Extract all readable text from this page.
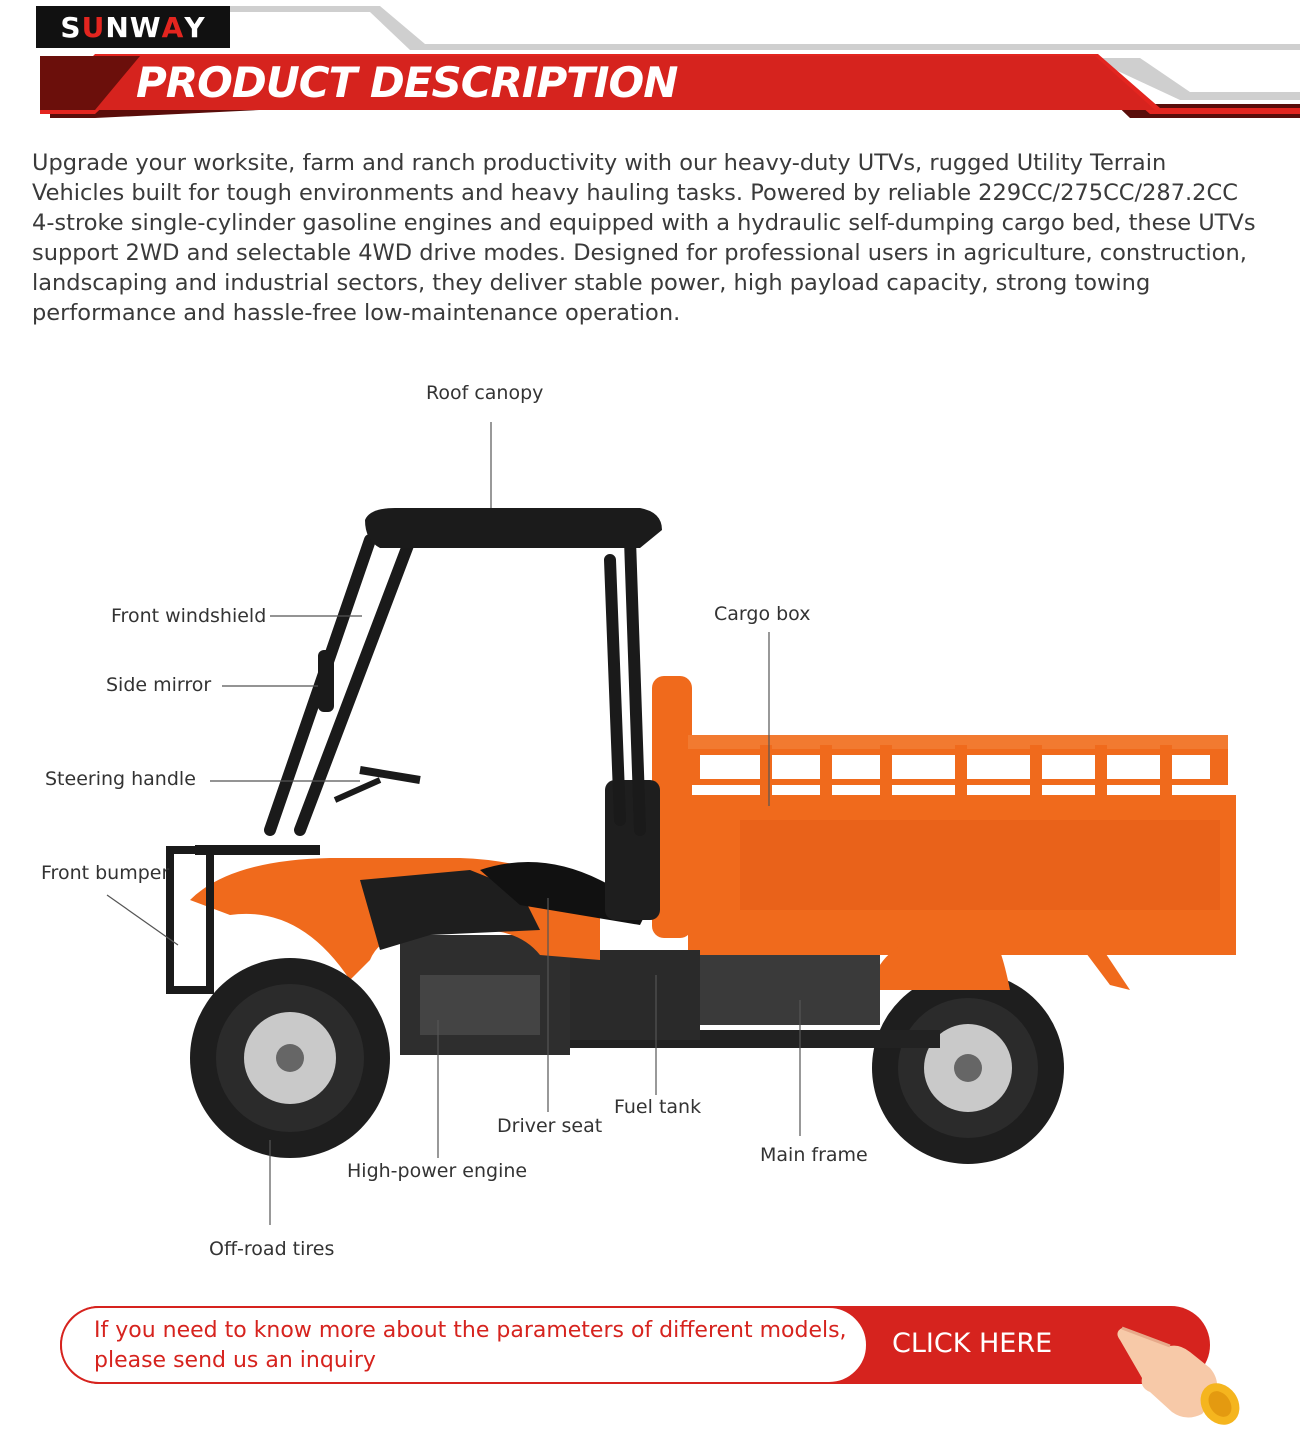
S U NW A Y
PRODUCT DESCRIPTION

Upgrade your worksite, farm and ranch productivity with our heavy-duty UTVs, rugged Utility Terrain Vehicles built for tough environments and heavy hauling tasks. Powered by reliable 229CC/275CC/287.2CC 4-stroke single-cylinder gasoline engines and equipped with a hydraulic self-dumping cargo bed, these UTVs support 2WD and selectable 4WD drive modes. Designed for professional users in agriculture, construction, landscaping and industrial sectors, they deliver stable power, high payload capacity, strong towing performance and hassle-free low-maintenance operation.

Roof canopy
Front windshield
Side mirror
Steering handle
Front bumper
Cargo box
Fuel tank
Driver seat
High-power engine
Main frame
Off-road tires
If you need to know more about the parameters of different models, please send us an inquiry
CLICK HERE
